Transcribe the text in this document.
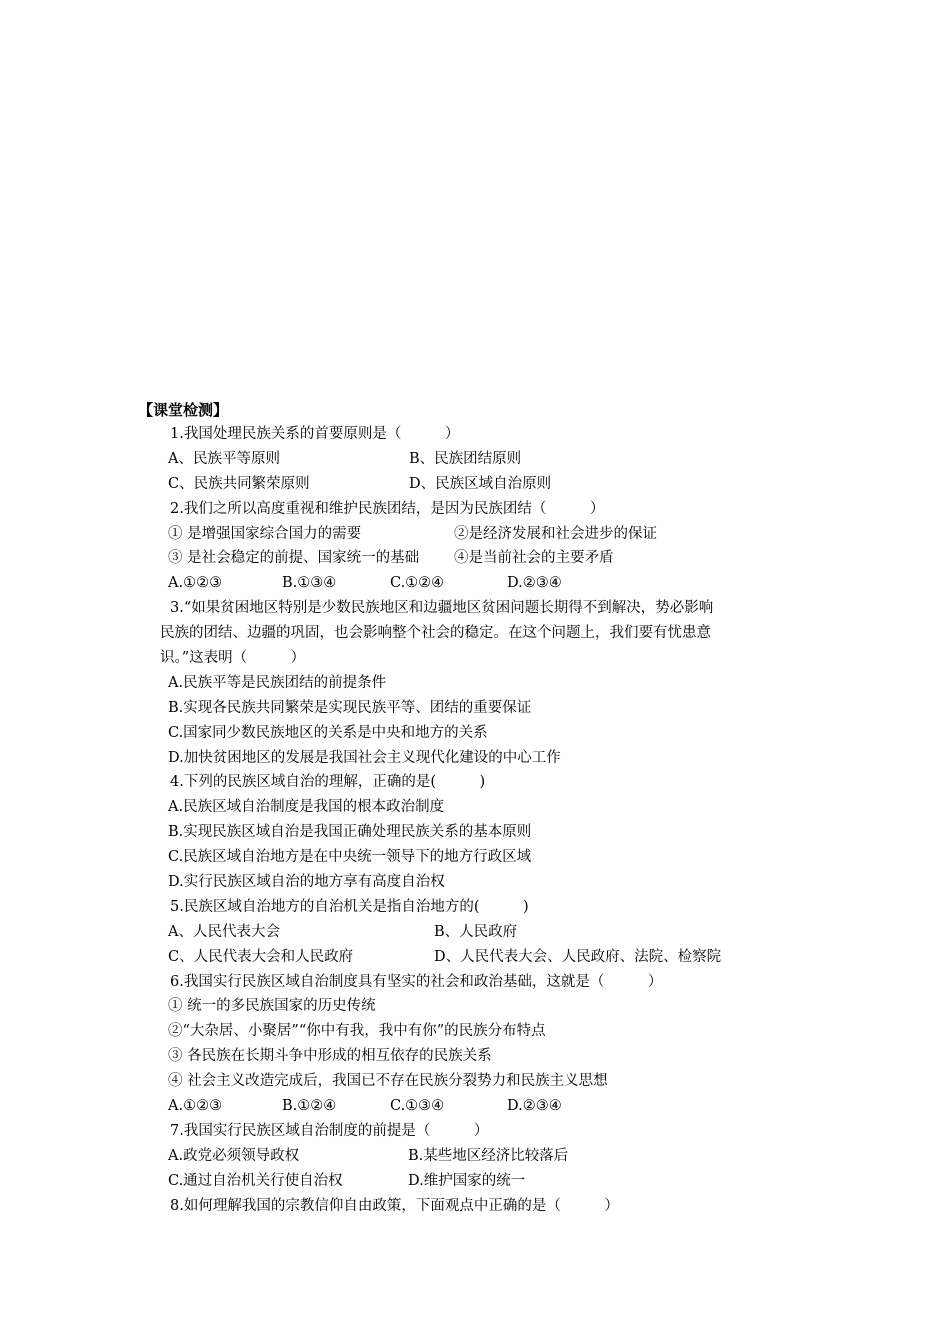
【课堂检测】
1.我国处理民族关系的首要原则是（　　　）
A、民族平等原则	B、民族团结原则
C、民族共同繁荣原则	D、民族区域自治原则
2.我们之所以高度重视和维护民族团结，是因为民族团结（　　　）
① 是增强国家综合国力的需要	②是经济发展和社会进步的保证
③ 是社会稳定的前提、国家统一的基础	④是当前社会的主要矛盾
A.①②③	B.①③④	C.①②④	D.②③④
3.“如果贫困地区特别是少数民族地区和边疆地区贫困问题长期得不到解决，势必影响
民族的团结、边疆的巩固，也会影响整个社会的稳定。在这个问题上，我们要有忧患意
识。”这表明（　　　）
A.民族平等是民族团结的前提条件
B.实现各民族共同繁荣是实现民族平等、团结的重要保证
C.国家同少数民族地区的关系是中央和地方的关系
D.加快贫困地区的发展是我国社会主义现代化建设的中心工作
4.下列的民族区域自治的理解，正确的是(　　　)
A.民族区域自治制度是我国的根本政治制度
B.实现民族区域自治是我国正确处理民族关系的基本原则
C.民族区域自治地方是在中央统一领导下的地方行政区域
D.实行民族区域自治的地方享有高度自治权
5.民族区域自治地方的自治机关是指自治地方的(　　　)
A、人民代表大会	B、人民政府
C、人民代表大会和人民政府	D、人民代表大会、人民政府、法院、检察院
6.我国实行民族区域自治制度具有坚实的社会和政治基础，这就是（　　　）
① 统一的多民族国家的历史传统
②“大杂居、小聚居”“你中有我，我中有你”的民族分布特点
③ 各民族在长期斗争中形成的相互依存的民族关系
④ 社会主义改造完成后，我国已不存在民族分裂势力和民族主义思想
A.①②③	B.①②④	C.①③④	D.②③④
7.我国实行民族区域自治制度的前提是（　　　）
A.政党必须领导政权	B.某些地区经济比较落后
C.通过自治机关行使自治权	D.维护国家的统一
8.如何理解我国的宗教信仰自由政策，下面观点中正确的是（　　　）
